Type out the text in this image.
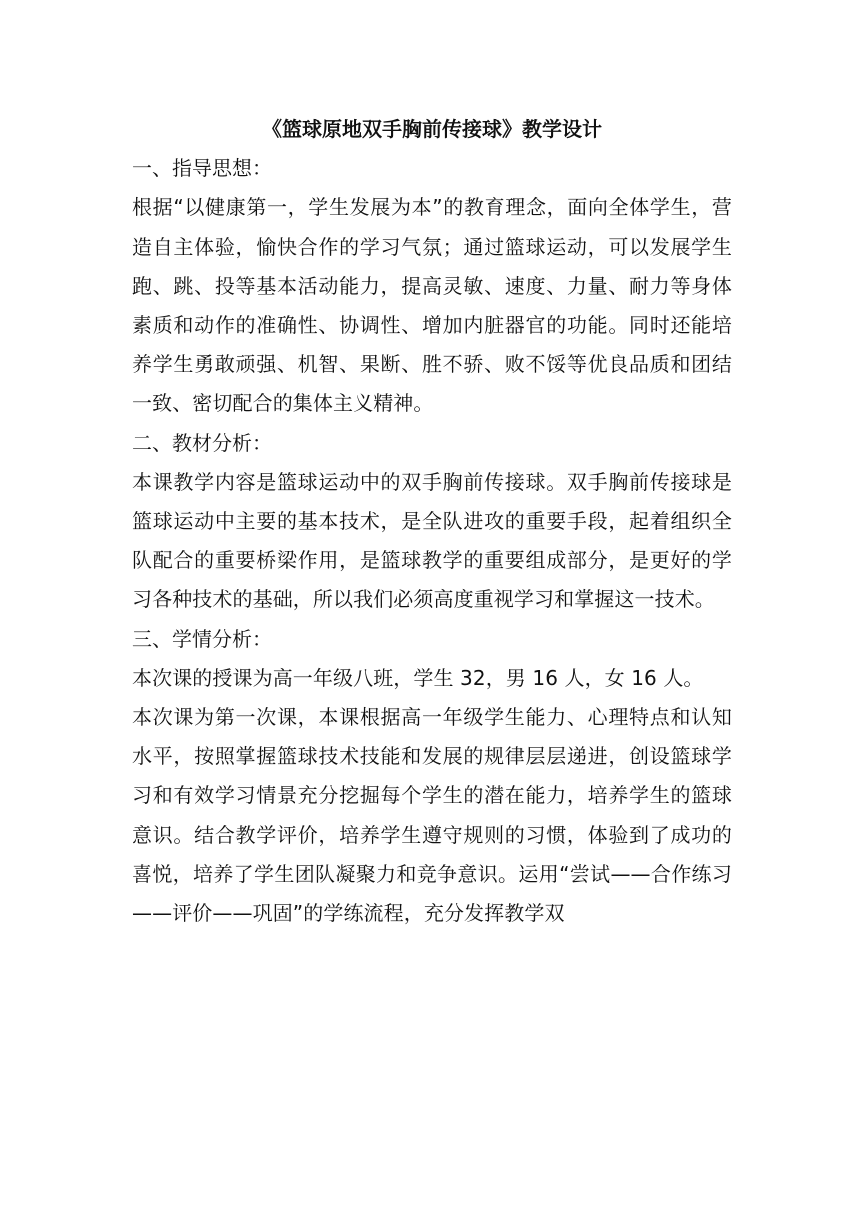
《篮球原地双手胸前传接球》教学设计
一、指导思想：

根据“以健康第一，学生发展为本”的教育理念，面向全体学生，营造自主体验，愉快合作的学习气氛；通过篮球运动，可以发展学生跑、跳、投等基本活动能力，提高灵敏、速度、力量、耐力等身体素质和动作的准确性、协调性、增加内脏器官的功能。同时还能培养学生勇敢顽强、机智、果断、胜不骄、败不馁等优良品质和团结一致、密切配合的集体主义精神。

二、教材分析：

本课教学内容是篮球运动中的双手胸前传接球。双手胸前传接球是篮球运动中主要的基本技术，是全队进攻的重要手段，起着组织全队配合的重要桥梁作用，是篮球教学的重要组成部分，是更好的学习各种技术的基础，所以我们必须高度重视学习和掌握这一技术。

三、学情分析：

本次课的授课为高一年级八班，学生 32，男 16 人，女 16 人。

本次课为第一次课，本课根据高一年级学生能力、心理特点和认知水平，按照掌握篮球技术技能和发展的规律层层递进，创设篮球学习和有效学习情景充分挖掘每个学生的潜在能力，培养学生的篮球意识。结合教学评价，培养学生遵守规则的习惯，体验到了成功的喜悦，培养了学生团队凝聚力和竞争意识。运用“尝试——合作练习——评价——巩固”的学练流程，充分发挥教学双
